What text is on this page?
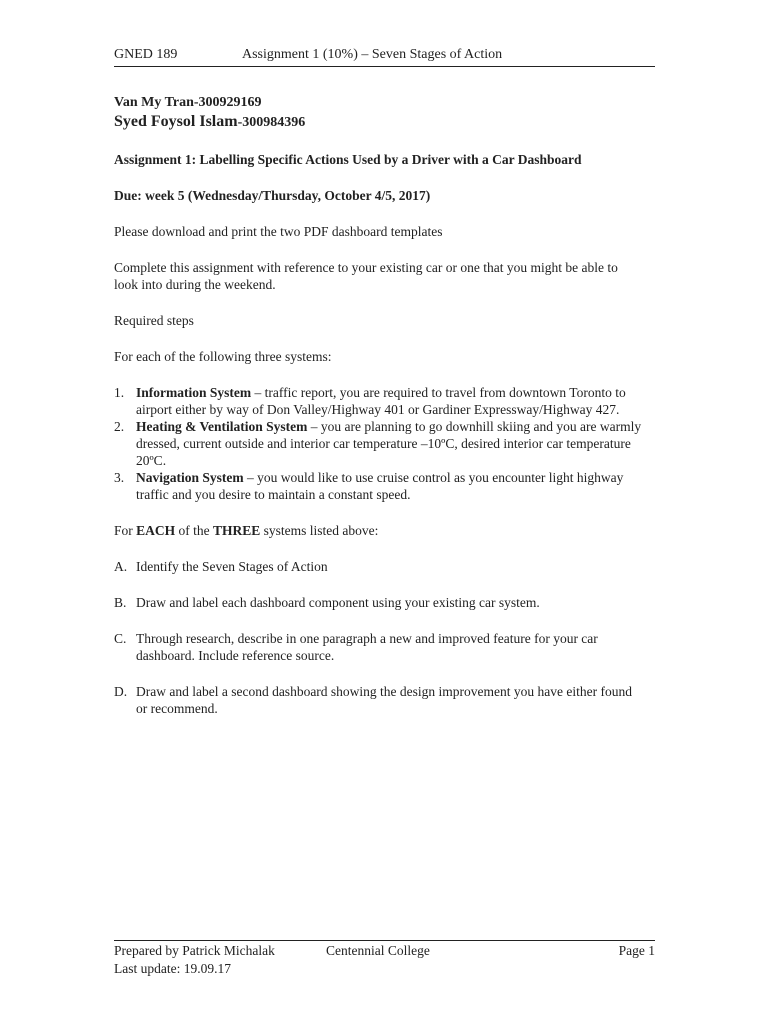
GNED 189	Assignment 1 (10%) – Seven Stages of Action
Van My Tran-300929169
Syed Foysol Islam-300984396

Assignment 1: Labelling Specific Actions Used by a Driver with a Car Dashboard

Due: week 5 (Wednesday/Thursday, October 4/5, 2017)

Please download and print the two PDF dashboard templates

Complete this assignment with reference to your existing car or one that you might be able to look into during the weekend.

Required steps

For each of the following three systems:

1. Information System – traffic report, you are required to travel from downtown Toronto to airport either by way of Don Valley/Highway 401 or Gardiner Expressway/Highway 427.
2. Heating & Ventilation System – you are planning to go downhill skiing and you are warmly dressed, current outside and interior car temperature –10ºC, desired interior car temperature 20ºC.
3. Navigation System – you would like to use cruise control as you encounter light highway traffic and you desire to maintain a constant speed.

For EACH of the THREE systems listed above:

A. Identify the Seven Stages of Action
B. Draw and label each dashboard component using your existing car system.
C. Through research, describe in one paragraph a new and improved feature for your car dashboard. Include reference source.
D. Draw and label a second dashboard showing the design improvement you have either found or recommend.
Prepared by Patrick Michalak	Centennial College	Page 1
Last update: 19.09.17
